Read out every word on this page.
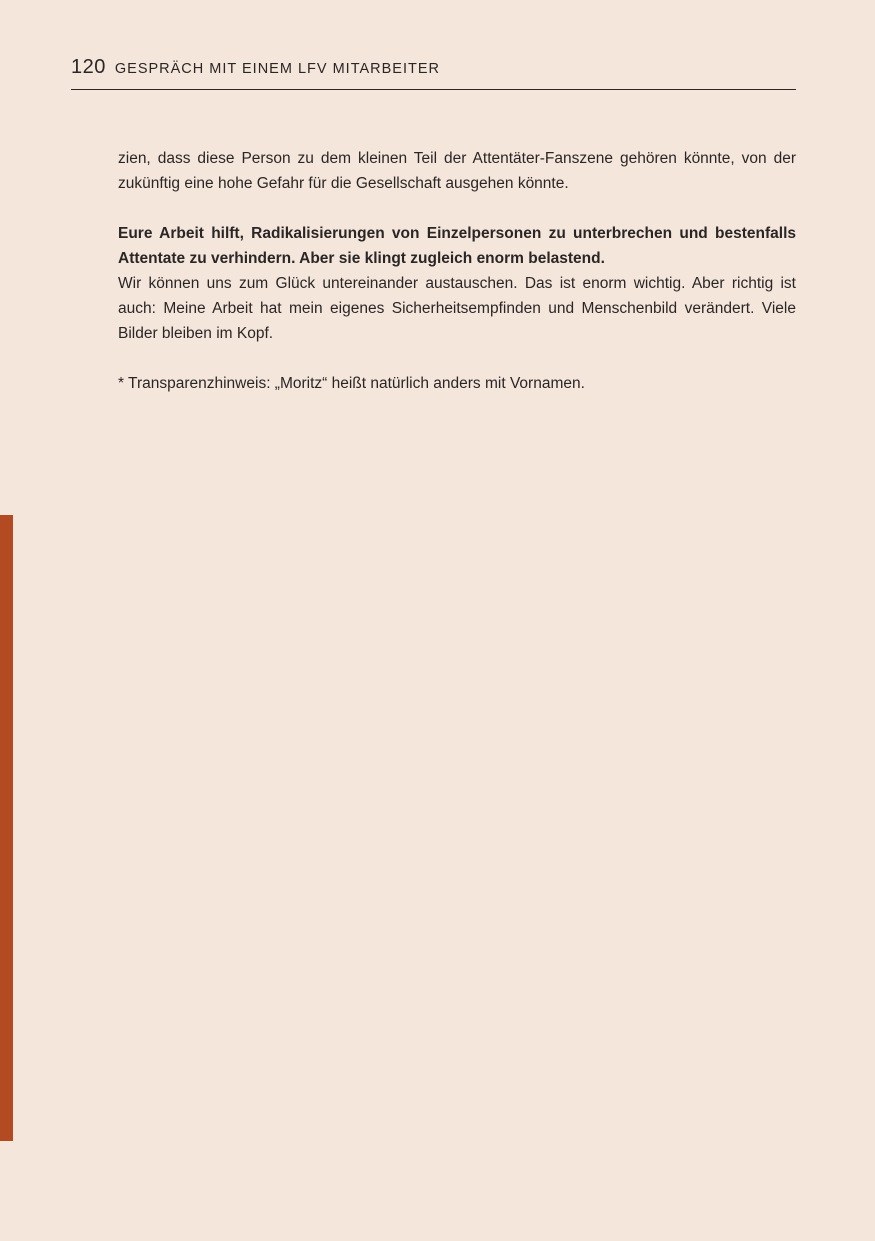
120 GESPRÄCH MIT EINEM LFV MITARBEITER

zien, dass diese Person zu dem kleinen Teil der Attentäter-Fanszene gehören könnte, von der zukünftig eine hohe Gefahr für die Gesellschaft ausgehen könnte.

Eure Arbeit hilft, Radikalisierungen von Einzelpersonen zu unterbrechen und bestenfalls Attentate zu verhindern. Aber sie klingt zugleich enorm belastend.

Wir können uns zum Glück untereinander austauschen. Das ist enorm wichtig. Aber richtig ist auch: Meine Arbeit hat mein eigenes Sicherheitsempfinden und Menschenbild verändert. Viele Bilder bleiben im Kopf.

* Transparenzhinweis: „Moritz“ heißt natürlich anders mit Vornamen.
